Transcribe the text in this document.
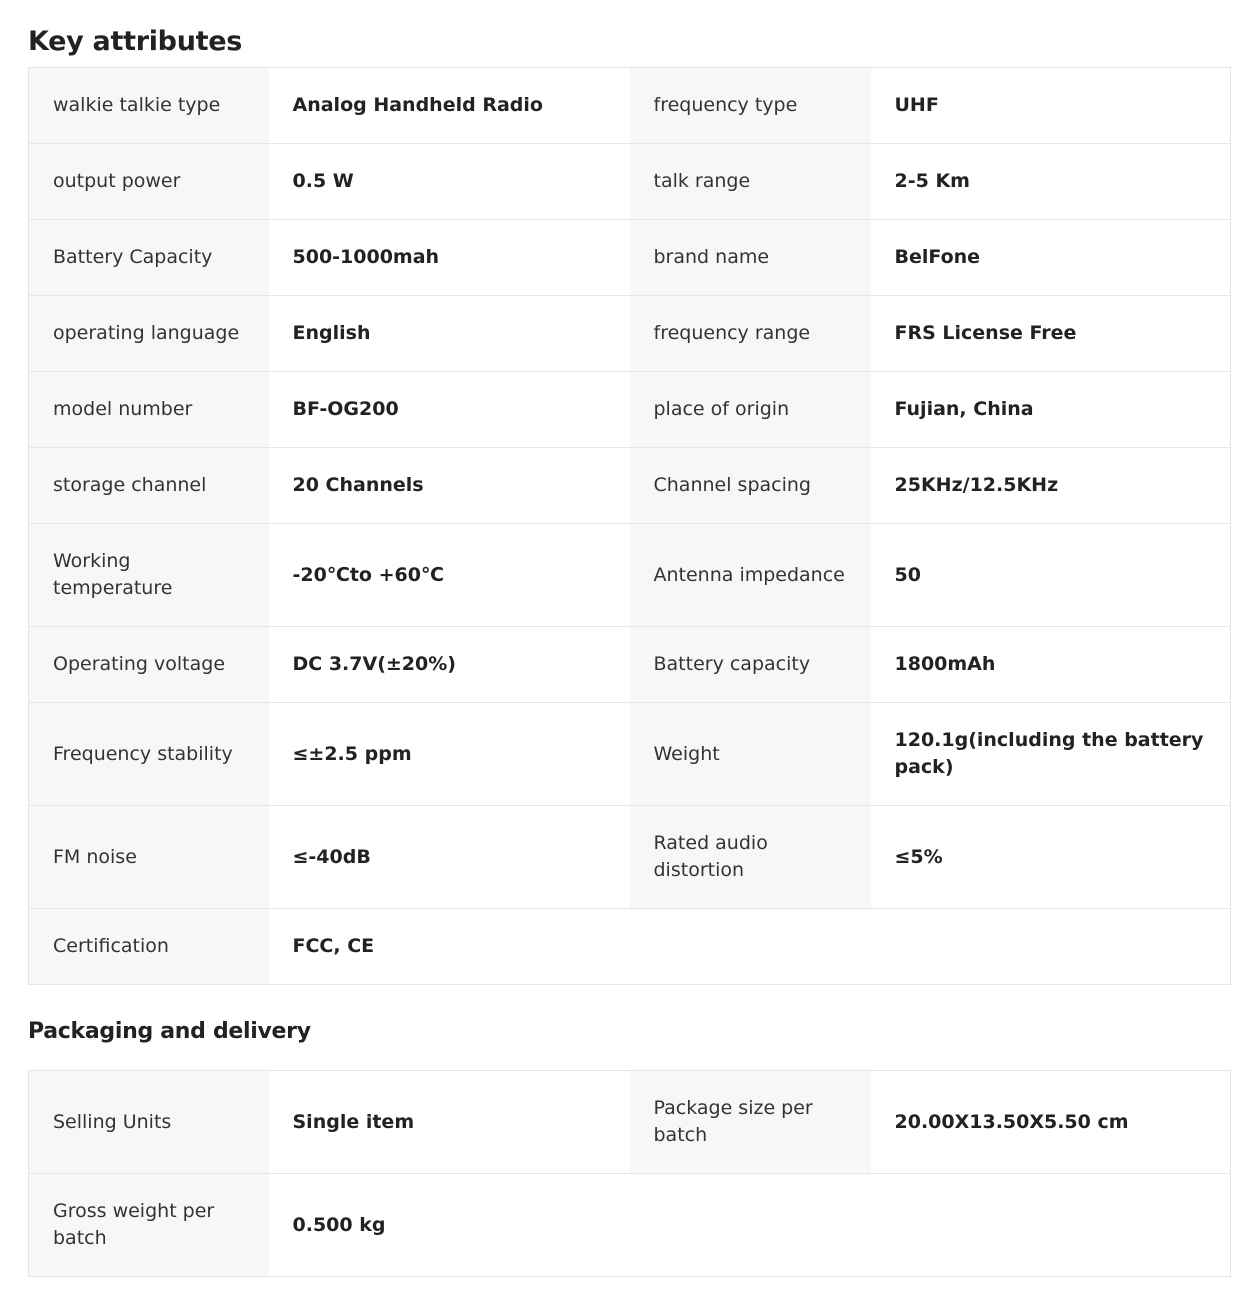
Key attributes
walkie talkie type	Analog Handheld Radio	frequency type	UHF
output power	0.5 W	talk range	2-5 Km
Battery Capacity	500-1000mah	brand name	BelFone
operating language	English	frequency range	FRS License Free
model number	BF-OG200	place of origin	Fujian, China
storage channel	20 Channels	Channel spacing	25KHz/12.5KHz
Working temperature	-20℃to +60℃	Antenna impedance	50
Operating voltage	DC 3.7V(±20%)	Battery capacity	1800mAh
Frequency stability	≤±2.5 ppm	Weight	120.1g(including the battery pack)
FM noise	≤-40dB	Rated audio distortion	≤5%
Certification	FCC, CE		
Packaging and delivery
Selling Units	Single item	Package size per batch	20.00X13.50X5.50 cm
Gross weight per batch	0.500 kg		
